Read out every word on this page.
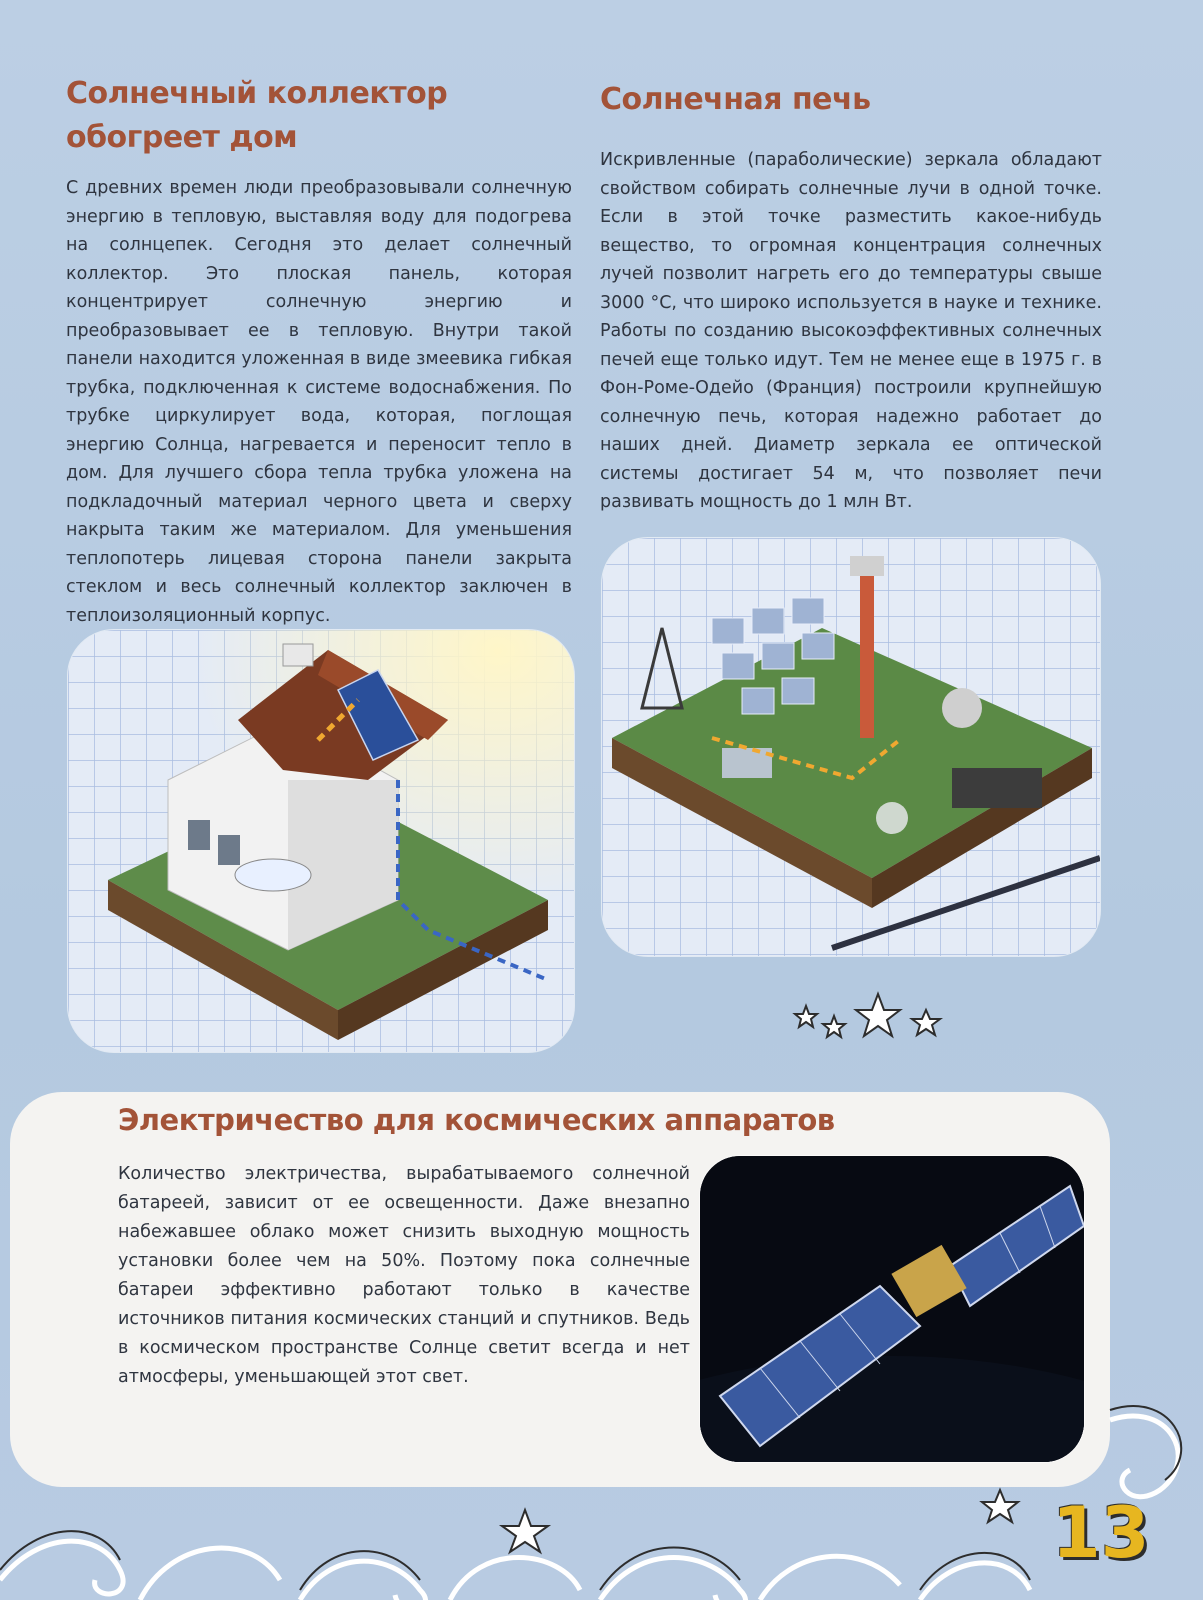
Солнечный коллектор обогреет дом

С древних времен люди преобразовывали солнечную энергию в тепловую, выставляя воду для подогрева на солнцепек. Сегодня это делает солнечный коллектор. Это плоская панель, которая концентрирует солнечную энергию и преобразовывает ее в тепловую. Внутри такой панели находится уложенная в виде змеевика гибкая трубка, подключенная к системе водоснабжения. По трубке циркулирует вода, которая, поглощая энергию Солнца, нагревается и переносит тепло в дом. Для лучшего сбора тепла трубка уложена на подкладочный материал черного цвета и сверху накрыта таким же материалом. Для уменьшения теплопотерь лицевая сторона панели закрыта стеклом и весь солнечный коллектор заключен в теплоизоляционный корпус.

Солнечная печь

Искривленные (параболические) зеркала обладают свойством собирать солнечные лучи в одной точке. Если в этой точке разместить какое-нибудь вещество, то огромная концентрация солнечных лучей позволит нагреть его до температуры свыше 3000 °С, что широко используется в науке и технике. Работы по созданию высокоэффективных солнечных печей еще только идут. Тем не менее еще в 1975 г. в Фон-Роме-Одейо (Франция) построили крупнейшую солнечную печь, которая надежно работает до наших дней. Диаметр зеркала ее оптической системы достигает 54 м, что позволяет печи развивать мощность до 1 млн Вт.

Электричество для космических аппаратов

Количество электричества, вырабатываемого солнечной батареей, зависит от ее освещенности. Даже внезапно набежавшее облако может снизить выходную мощность установки более чем на 50%. Поэтому пока солнечные батареи эффективно работают только в качестве источников питания космических станций и спутников. Ведь в космическом пространстве Солнце светит всегда и нет атмосферы, уменьшающей этот свет.

13
